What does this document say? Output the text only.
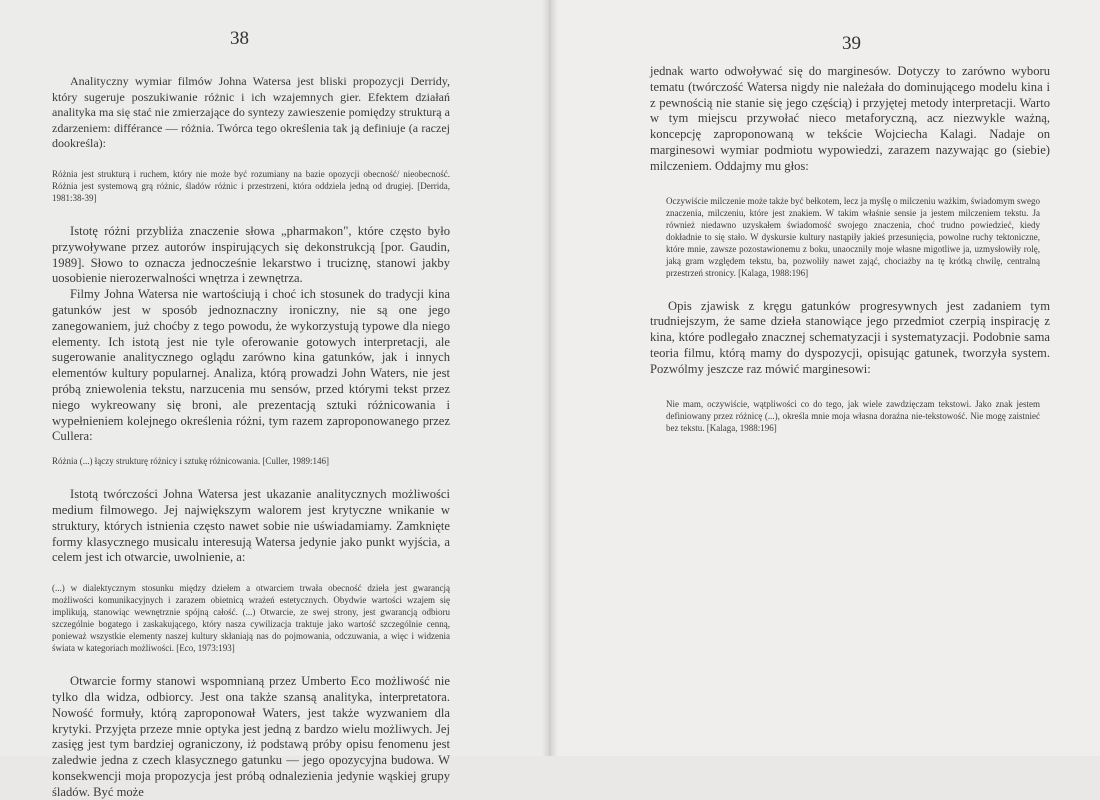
38

Analityczny wymiar filmów Johna Watersa jest bliski propozycji Derridy, który sugeruje poszukiwanie różnic i ich wzajemnych gier. Efektem działań analityka ma się stać nie zmierzające do syntezy zawieszenie pomiędzy strukturą a zdarzeniem: différance — różnia. Twórca tego określenia tak ją definiuje (a raczej dookreśla):

Różnia jest strukturą i ruchem, który nie może być rozumiany na bazie opozycji obecność/ nieobecność. Różnia jest systemową grą różnic, śladów różnic i przestrzeni, która oddziela jedną od drugiej. [Derrida, 1981:38-39]

Istotę różni przybliża znaczenie słowa „pharmakon", które często było przywoływane przez autorów inspirujących się dekonstrukcją [por. Gaudin, 1989]. Słowo to oznacza jednocześnie lekarstwo i truciznę, stanowi jakby uosobienie nierozerwalności wnętrza i zewnętrza.

Filmy Johna Watersa nie wartościują i choć ich stosunek do tradycji kina gatunków jest w sposób jednoznaczny ironiczny, nie są one jego zanegowaniem, już choćby z tego powodu, że wykorzystują typowe dla niego elementy. Ich istotą jest nie tyle oferowanie gotowych interpretacji, ale sugerowanie analitycznego oglądu zarówno kina gatunków, jak i innych elementów kultury popularnej. Analiza, którą prowadzi John Waters, nie jest próbą zniewolenia tekstu, narzucenia mu sensów, przed którymi tekst przez niego wykreowany się broni, ale prezentacją sztuki różnicowania i wypełnieniem kolejnego określenia różni, tym razem zaproponowanego przez Cullera:

Różnia (...) łączy strukturę różnicy i sztukę różnicowania. [Culler, 1989:146]

Istotą twórczości Johna Watersa jest ukazanie analitycznych możliwości medium filmowego. Jej największym walorem jest krytyczne wnikanie w struktury, których istnienia często nawet sobie nie uświadamiamy. Zamknięte formy klasycznego musicalu interesują Watersa jedynie jako punkt wyjścia, a celem jest ich otwarcie, uwolnienie, a:

(...) w dialektycznym stosunku między dziełem a otwarciem trwała obecność dzieła jest gwarancją możliwości komunikacyjnych i zarazem obietnicą wrażeń estetycznych. Obydwie wartości wzajem się implikują, stanowiąc wewnętrznie spójną całość. (...) Otwarcie, ze swej strony, jest gwarancją odbioru szczególnie bogatego i zaskakującego, który nasza cywilizacja traktuje jako wartość szczególnie cenną, ponieważ wszystkie elementy naszej kultury skłaniają nas do pojmowania, odczuwania, a więc i widzenia świata w kategoriach możliwości. [Eco, 1973:193]

Otwarcie formy stanowi wspomnianą przez Umberto Eco możliwość nie tylko dla widza, odbiorcy. Jest ona także szansą analityka, interpretatora. Nowość formuły, którą zaproponował Waters, jest także wyzwaniem dla krytyki. Przyjęta przeze mnie optyka jest jedną z bardzo wielu możliwych. Jej zasięg jest tym bardziej ograniczony, iż podstawą próby opisu fenomenu jest zaledwie jedna z czech klasycznego gatunku — jego opozycyjna budowa. W konsekwencji moja propozycja jest próbą odnalezienia jedynie wąskiej grupy śladów. Być może

39

jednak warto odwoływać się do marginesów. Dotyczy to zarówno wyboru tematu (twórczość Watersa nigdy nie należała do dominującego modelu kina i z pewnością nie stanie się jego częścią) i przyjętej metody interpretacji. Warto w tym miejscu przywołać nieco metaforyczną, acz niezwykle ważną, koncepcję zaproponowaną w tekście Wojciecha Kalagi. Nadaje on marginesowi wymiar podmiotu wypowiedzi, zarazem nazywając go (siebie) milczeniem. Oddajmy mu głos:

Oczywiście milczenie może także być bełkotem, lecz ja myślę o milczeniu ważkim, świadomym swego znaczenia, milczeniu, które jest znakiem. W takim właśnie sensie ja jestem milczeniem tekstu. Ja również niedawno uzyskałem świadomość swojego znaczenia, choć trudno powiedzieć, kiedy dokładnie to się stało. W dyskursie kultury nastąpiły jakieś przesunięcia, powolne ruchy tektoniczne, które mnie, zawsze pozostawionemu z boku, unaocznily moje własne migotliwe ja, uzmysłowiły rolę, jaką gram względem tekstu, ba, pozwoliły nawet zająć, chociażby na tę krótką chwilę, centralną przestrzeń stronicy. [Kalaga, 1988:196]

Opis zjawisk z kręgu gatunków progresywnych jest zadaniem tym trudniejszym, że same dzieła stanowiące jego przedmiot czerpią inspirację z kina, które podlegało znacznej schematyzacji i systematyzacji. Podobnie sama teoria filmu, którą mamy do dyspozycji, opisując gatunek, tworzyła system. Pozwólmy jeszcze raz mówić marginesowi:

Nie mam, oczywiście, wątpliwości co do tego, jak wiele zawdzięczam tekstowi. Jako znak jestem definiowany przez różnicę (...), określa mnie moja własna doraźna nie-tekstowość. Nie mogę zaistnieć bez tekstu. [Kalaga, 1988:196]
